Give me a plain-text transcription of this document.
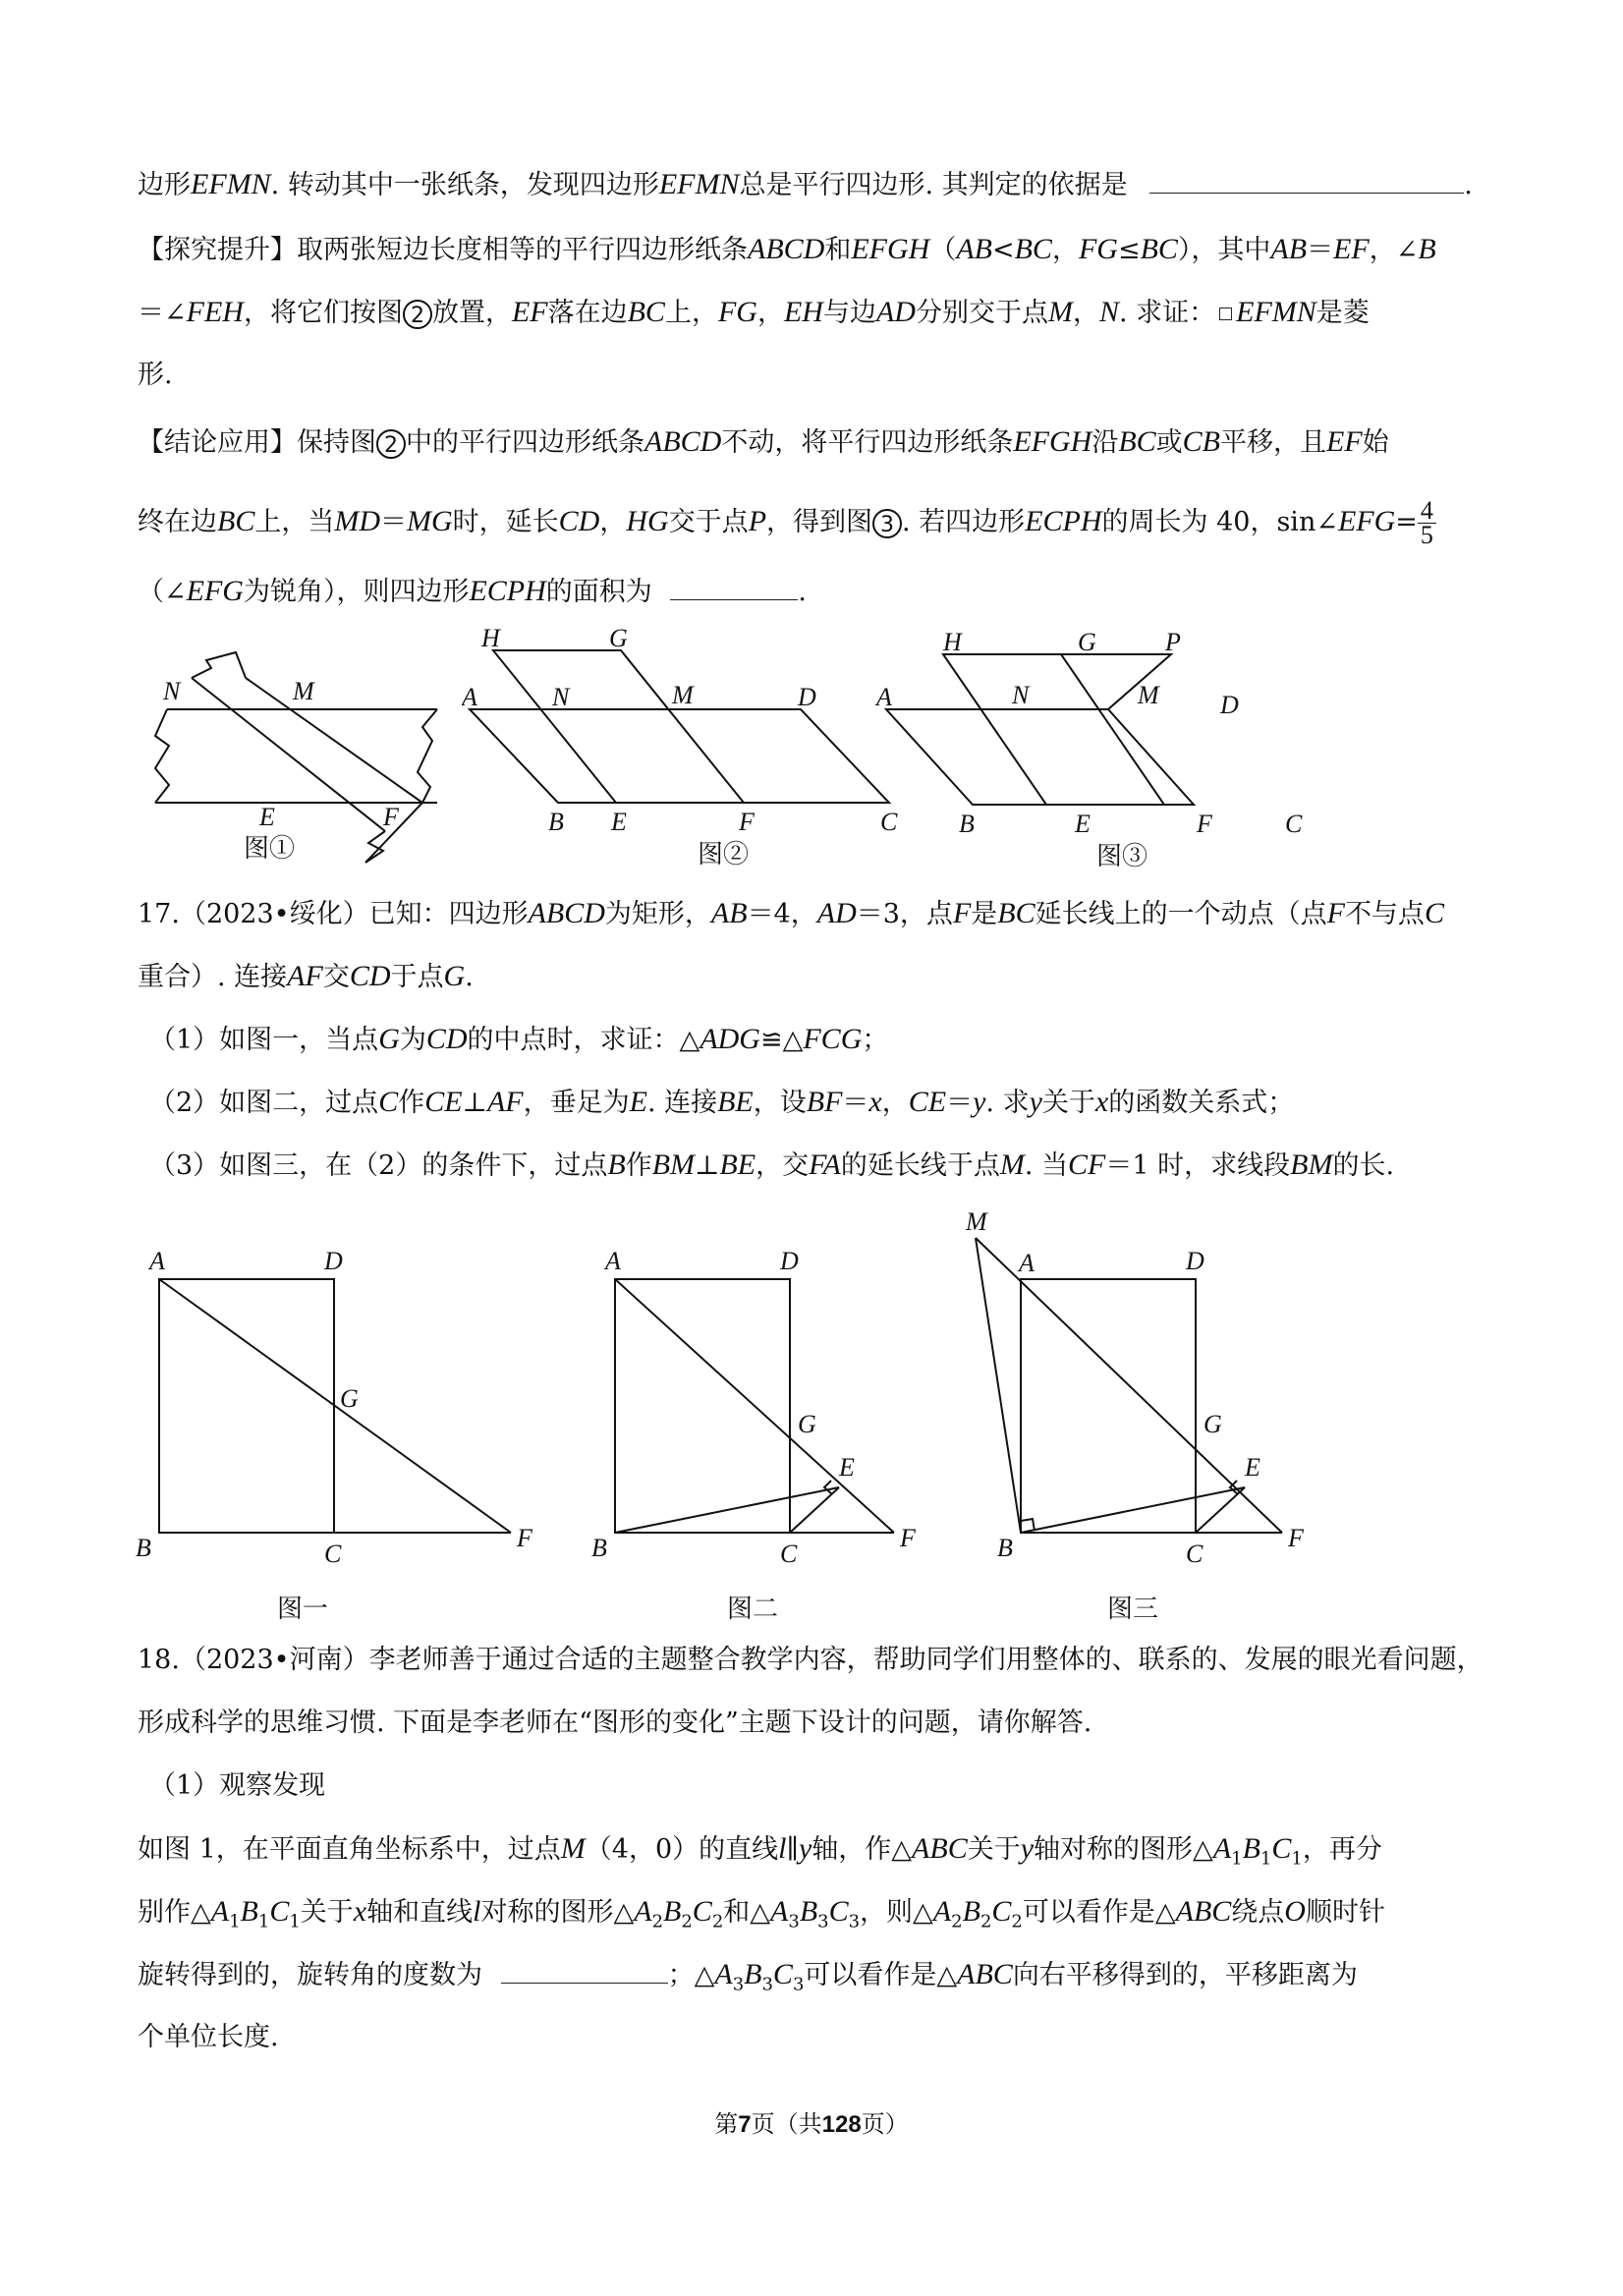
边形EFMN. 转动其中一张纸条，发现四边形EFMN总是平行四边形. 其判定的依据是	.
【探究提升】取两张短边长度相等的平行四边形纸条ABCD和EFGH（AB<BC，FG≤BC），其中AB＝EF，∠B
＝∠FEH，将它们按图 2 放置，EF落在边BC上，FG，EH与边AD分别交于点M，N. 求证： EFMN是菱
形.
【结论应用】保持图 2 中的平行四边形纸条ABCD不动，将平行四边形纸条EFGH沿BC或CB平移，且EF始
终在边BC上，当MD＝MG时，延长CD，HG交于点P，得到图 3 . 若四边形ECPH的周长为 40，sin∠EFG= $\frac{4}{5}$
（∠EFG为锐角），则四边形ECPH的面积为	.
N	M
E	F
图①
H	G
A	N	M	D
B E	F	C
图②
H	G	P
A	N	M D
B	E	F	C
图③
17.（2023•绥化）已知：四边形ABCD为矩形，AB＝4，AD＝3，点F是BC延长线上的一个动点（点F不与点C
重合）. 连接AF交CD于点G.
（1）如图一，当点G为CD的中点时，求证：△ADG≌△FCG；
（2）如图二，过点C作CE⊥AF，垂足为E. 连接BE，设BF＝x，CE＝y. 求y关于x的函数关系式；
（3）如图三，在（2）的条件下，过点B作BM⊥BE，交FA的延长线于点M. 当CF＝1 时，求线段BM的长.
A	D
G
B	C
F
图一
A	D
G
E
B	C
F
图二
M
A	D
G
E
B	C
F
图三
18.（2023•河南）李老师善于通过合适的主题整合教学内容，帮助同学们用整体的、联系的、发展的眼光看问题，
形成科学的思维习惯. 下面是李老师在“图形的变化”主题下设计的问题，请你解答.
（1）观察发现
如图 1，在平面直角坐标系中，过点M（4，0）的直线l∥y轴，作△ABC关于y轴对称的图形$\triangle A_1B_1C_1$，再分
别作$\triangle A_1B_1C_1$关于x轴和直线l对称的图形$\triangle A_2B_2C_2$和$\triangle A_3B_3C_3$，则$\triangle A_2B_2C_2$可以看作是△ABC绕点O顺时针
旋转得到的，旋转角的度数为	；$\triangle A_3B_3C_3$可以看作是△ABC向右平移得到的，平移距离为
个单位长度.
第7页（共128页）
